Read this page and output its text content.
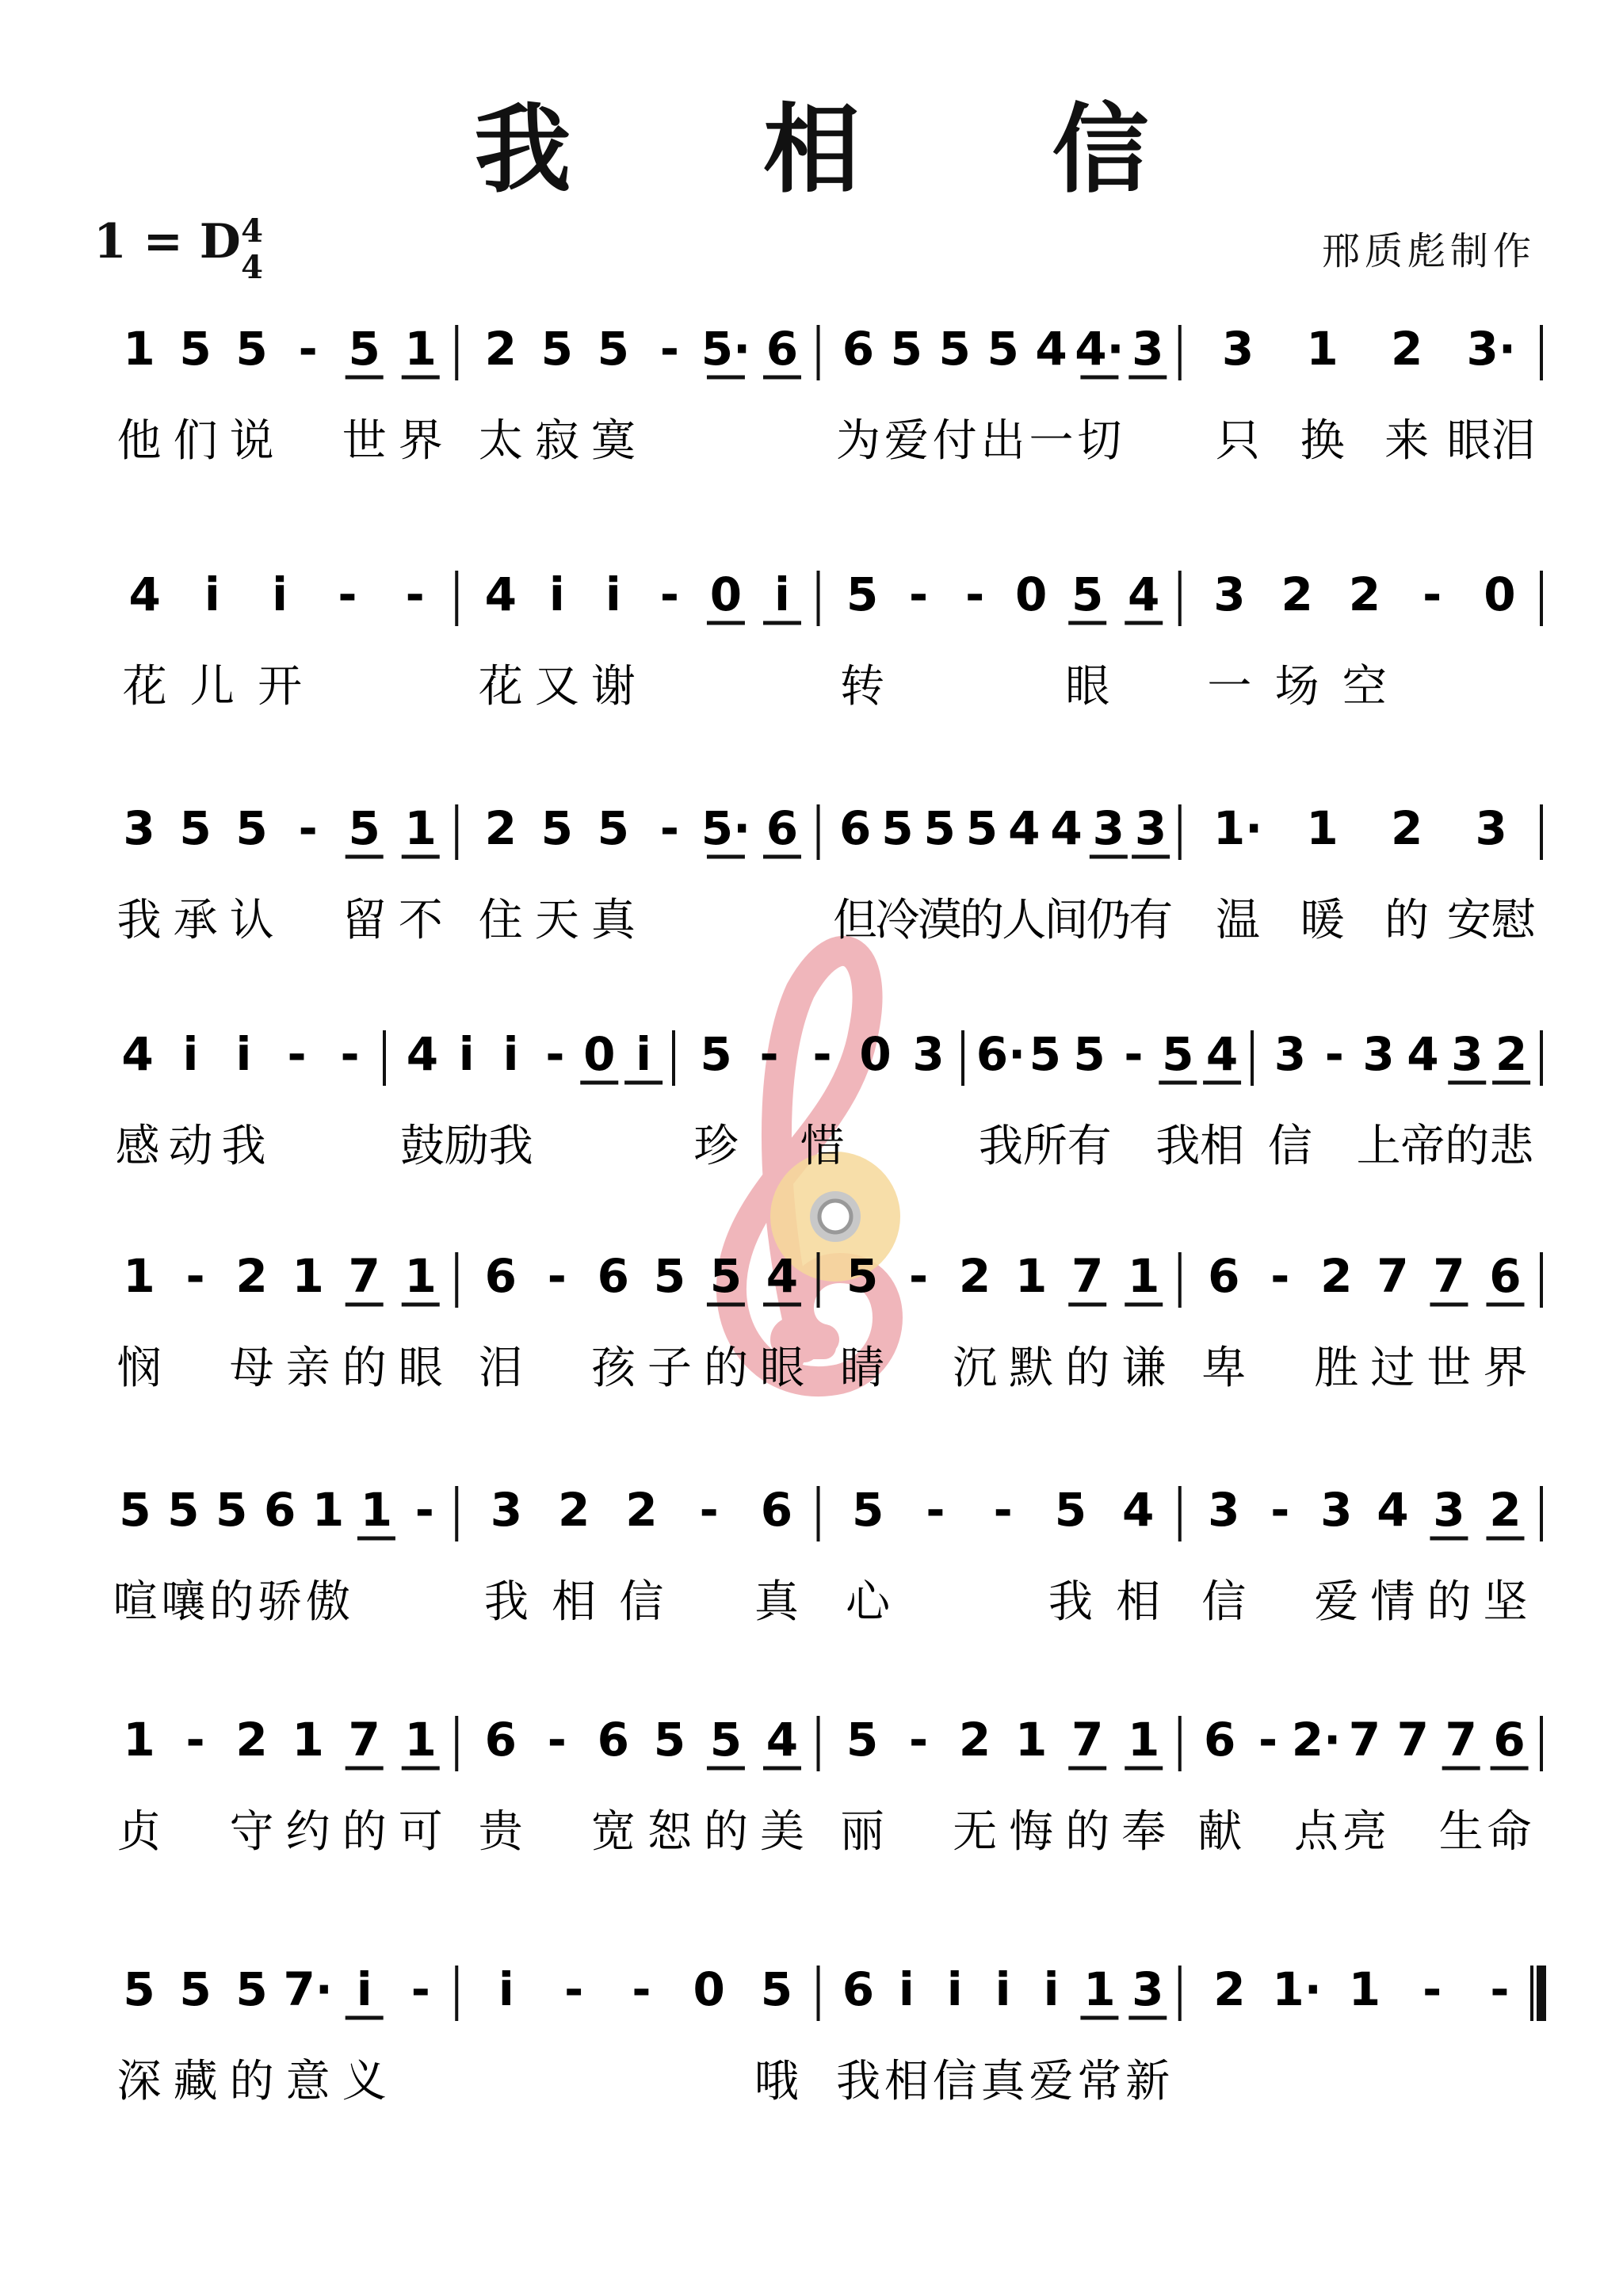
我 相 信
1 = D 4
4	邢质彪制作
1
他
5
们
5
说
- 5
世
1
界
2
太
5
寂
5
寞
- 5· 6 6
为
5
爱
5
付
5
出
4
一
4·
切
3 3
只
1
换
2
来
3·
眼泪
4
花
i
儿
i
开
- - 4
花
i
又
i
谢
- 0 i 5
转
- - 0 5
眼
4 3
一
2
场
2
空
- 0
3
我
5
承
5
认
- 5
留
1
不
2
住
5
天
5
真
- 5· 6 6
但
5
冷
5
漠
5
的
4
人
4
间
3
仍
3
有
1·
温
1
暖
2
的
3
安慰
4
感
i
动
i
我
- - 4
鼓
i
励
i
我
- 0 i 5
珍
- -
惜
0 3 6·
我
5
所
5
有
- 5
我
4
相
3
信
- 3
上
4
帝
3
的
2
悲
1
悯
- 2
母
1
亲
7
的
1
眼
6
泪
- 6
孩
5
子
5
的
4
眼
5
睛
- 2
沉
1
默
7
的
1
谦
6
卑
- 2
胜
7
过
7
世
6
界
5
喧
5
嚷
5
的
6
骄
1
傲
1 - 3
我
2
相
2
信
- 6
真
5
心
- - 5
我
4
相
3
信
- 3
爱
4
情
3
的
2
坚
1
贞
- 2
守
1
约
7
的
1
可
6
贵
- 6
宽
5
恕
5
的
4
美
5
丽
- 2
无
1
悔
7
的
1
奉
6
献
- 2·
点
7
亮
7 7
生
6
命
5
深
5
藏
5
的
7·
意
i
义
- i - - 0 5
哦
6
我
i
相
i
信
i
真
i
爱
1
常
3
新
2 1· 1 - -
